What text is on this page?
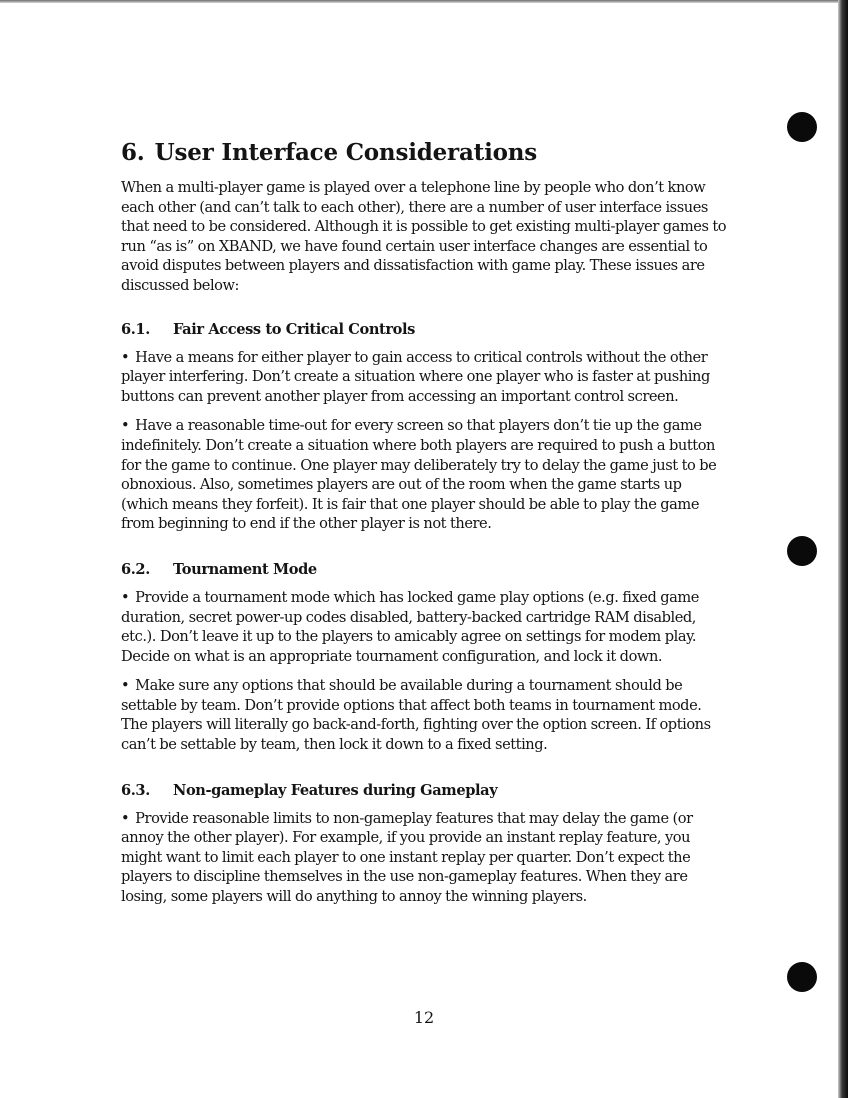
6. User Interface Considerations

When a multi-player game is played over a telephone line by people who don’t know each other (and can’t talk to each other), there are a number of user interface issues that need to be considered. Although it is possible to get existing multi-player games to run “as is” on XBAND, we have found certain user interface changes are essential to avoid disputes between players and dissatisfaction with game play. These issues are discussed below:

6.1. Fair Access to Critical Controls

• Have a means for either player to gain access to critical controls without the other player interfering. Don’t create a situation where one player who is faster at pushing buttons can prevent another player from accessing an important control screen.

• Have a reasonable time-out for every screen so that players don’t tie up the game indefinitely. Don’t create a situation where both players are required to push a button for the game to continue. One player may deliberately try to delay the game just to be obnoxious. Also, sometimes players are out of the room when the game starts up (which means they forfeit). It is fair that one player should be able to play the game from beginning to end if the other player is not there.

6.2. Tournament Mode

• Provide a tournament mode which has locked game play options (e.g. fixed game duration, secret power-up codes disabled, battery-backed cartridge RAM disabled, etc.). Don’t leave it up to the players to amicably agree on settings for modem play. Decide on what is an appropriate tournament configuration, and lock it down.

• Make sure any options that should be available during a tournament should be settable by team. Don’t provide options that affect both teams in tournament mode. The players will literally go back-and-forth, fighting over the option screen. If options can’t be settable by team, then lock it down to a fixed setting.

6.3. Non-gameplay Features during Gameplay

• Provide reasonable limits to non-gameplay features that may delay the game (or annoy the other player). For example, if you provide an instant replay feature, you might want to limit each player to one instant replay per quarter. Don’t expect the players to discipline themselves in the use non-gameplay features. When they are losing, some players will do anything to annoy the winning players.

12
